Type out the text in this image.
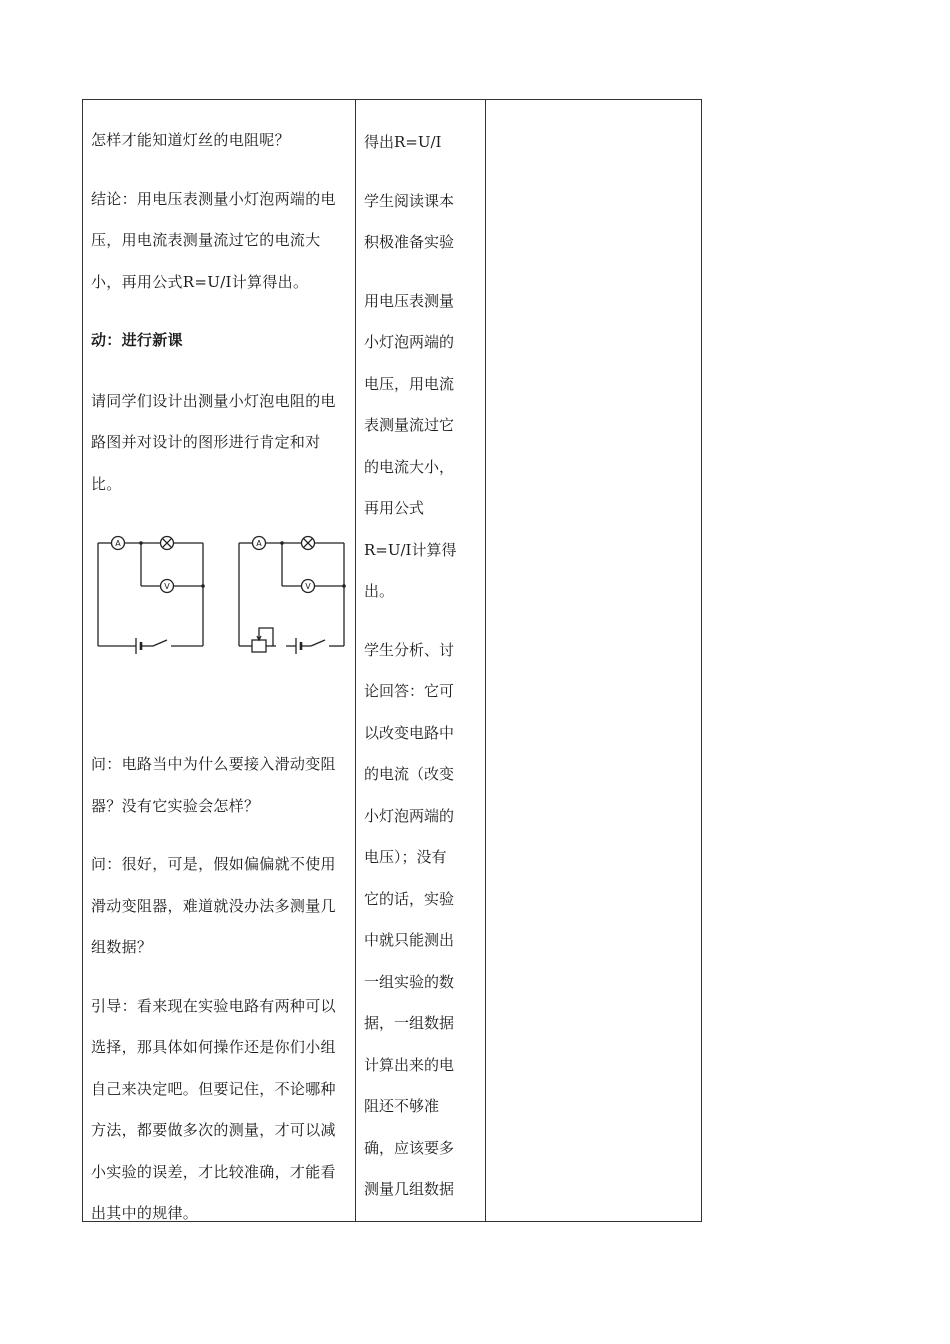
怎样才能知道灯丝的电阻呢？

结论：用电压表测量小灯泡两端的电压，用电流表测量流过它的电流大小，再用公式R=U/I计算得出。

动：进行新课

请同学们设计出测量小灯泡电阻的电路图并对设计的图形进行肯定和对比。

问：电路当中为什么要接入滑动变阻器？没有它实验会怎样？

问：很好，可是，假如偏偏就不使用滑动变阻器，难道就没办法多测量几组数据？

引导：看来现在实验电路有两种可以选择，那具体如何操作还是你们小组自己来决定吧。但要记住，不论哪种方法，都要做多次的测量，才可以减小实验的误差，才比较准确，才能看出其中的规律。

A
V
A
V
得出R=U/I
学生阅读课本
积极准备实验
用电压表测量
小灯泡两端的
电压，用电流
表测量流过它
的电流大小，
再用公式
R=U/I计算得
出。
学生分析、讨
论回答：它可
以改变电路中
的电流（改变
小灯泡两端的
电压）；没有
它的话，实验
中就只能测出
一组实验的数
据，一组数据
计算出来的电
阻还不够准
确，应该要多
测量几组数据
